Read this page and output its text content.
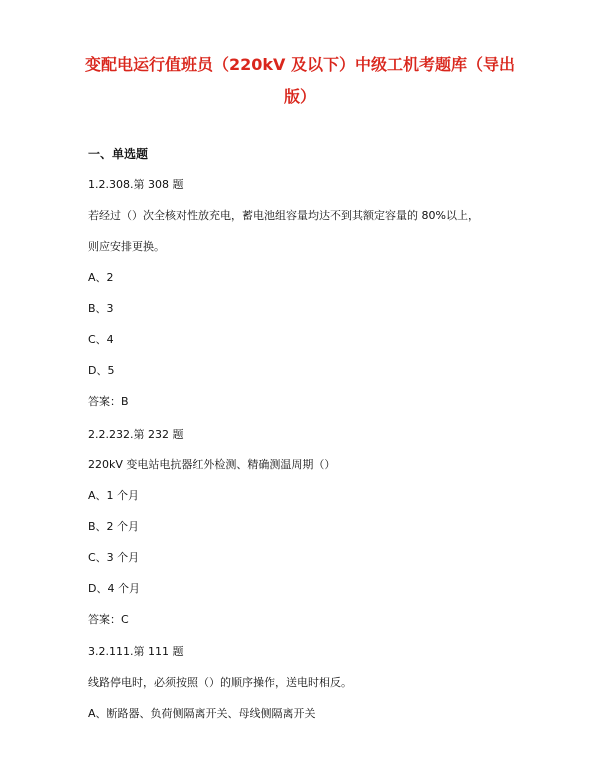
变配电运行值班员（220kV 及以下）中级工机考题库（导出
版）
一、单选题
1.2.308.第 308 题
若经过（）次全核对性放充电，蓄电池组容量均达不到其额定容量的 80%以上，
则应安排更换。
A、2
B、3
C、4
D、5
答案：B
2.2.232.第 232 题
220kV 变电站电抗器红外检测、精确测温周期（）
A、1 个月
B、2 个月
C、3 个月
D、4 个月
答案：C
3.2.111.第 111 题
线路停电时，必须按照（）的顺序操作，送电时相反。
A、断路器、负荷侧隔离开关、母线侧隔离开关
